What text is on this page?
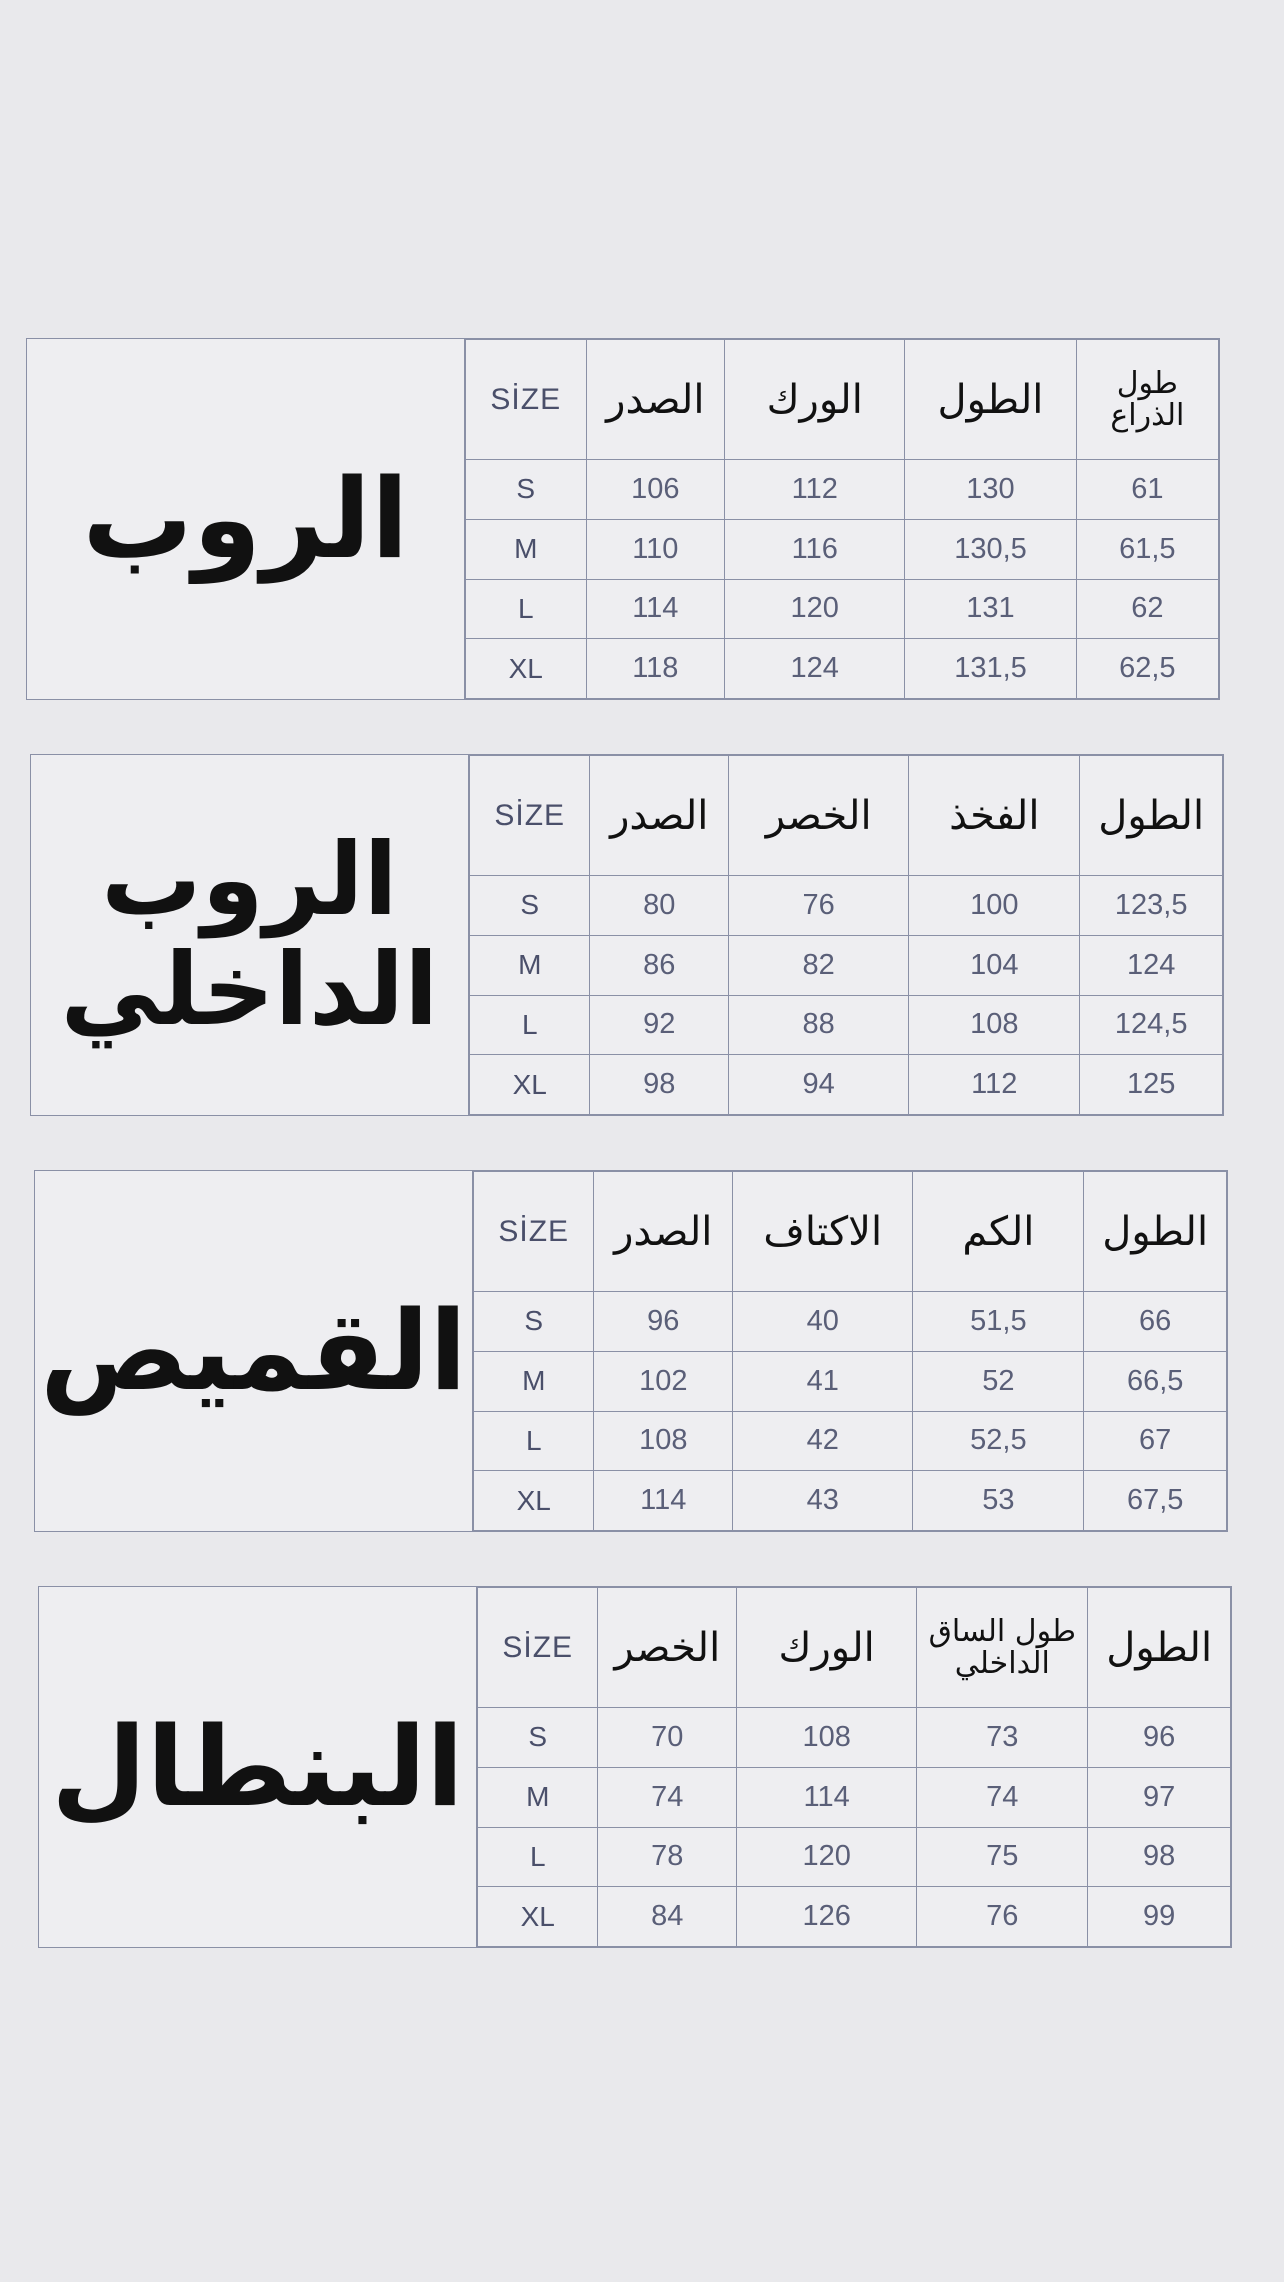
الروب
SİZE	الصدر	الورك	الطول	طول الذراع
S	106	112	130	61
M	110	116	130,5	61,5
L	114	120	131	62
XL	118	124	131,5	62,5
الروب
الداخلي
SİZE	الصدر	الخصر	الفخذ	الطول
S	80	76	100	123,5
M	86	82	104	124
L	92	88	108	124,5
XL	98	94	112	125
القميص
SİZE	الصدر	الاكتاف	الكم	الطول
S	96	40	51,5	66
M	102	41	52	66,5
L	108	42	52,5	67
XL	114	43	53	67,5
البنطال
SİZE	الخصر	الورك	طول الساق الداخلي	الطول
S	70	108	73	96
M	74	114	74	97
L	78	120	75	98
XL	84	126	76	99
